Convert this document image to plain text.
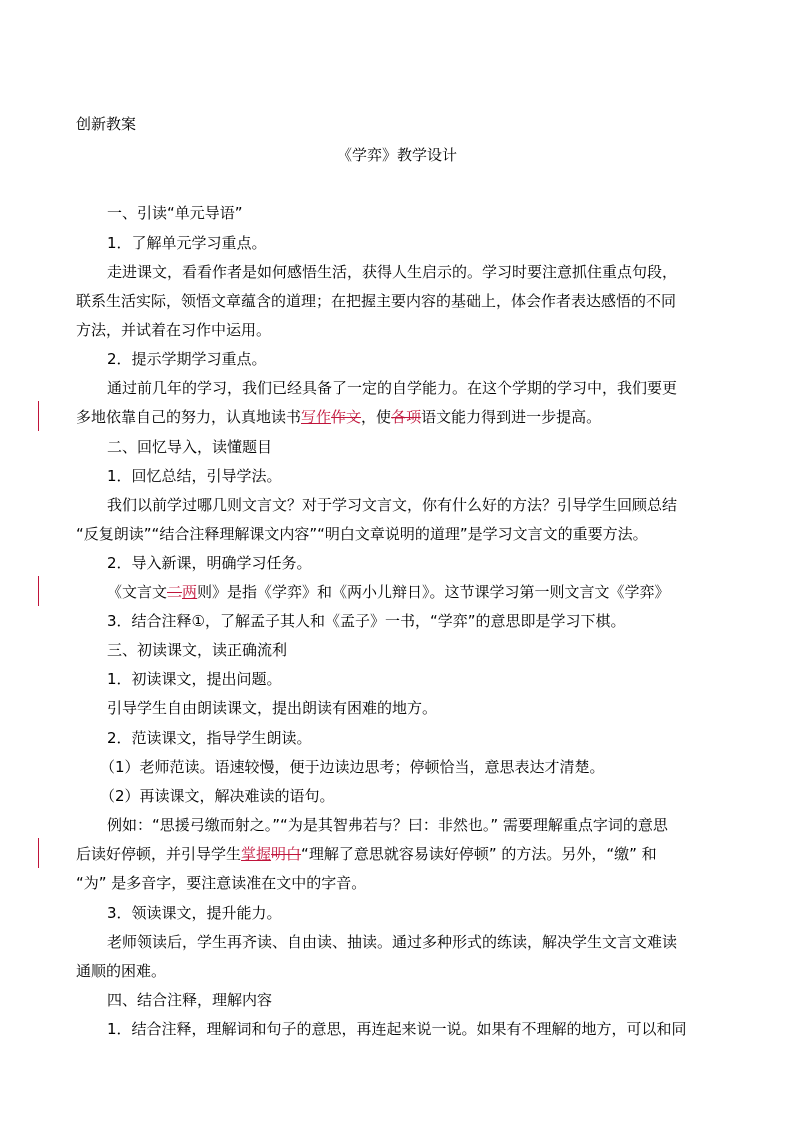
创新教案
《学弈》教学设计
一、引读“单元导语”
1．了解单元学习重点。
走进课文，看看作者是如何感悟生活，获得人生启示的。学习时要注意抓住重点句段，
联系生活实际，领悟文章蕴含的道理；在把握主要内容的基础上，体会作者表达感悟的不同
方法，并试着在习作中运用。
2．提示学期学习重点。
通过前几年的学习，我们已经具备了一定的自学能力。在这个学期的学习中，我们要更
多地依靠自己的努力，认真地读书写作作文，使各项语文能力得到进一步提高。
二、回忆导入，读懂题目
1．回忆总结，引导学法。
我们以前学过哪几则文言文？对于学习文言文，你有什么好的方法？引导学生回顾总结
“反复朗读”“结合注释理解课文内容”“明白文章说明的道理”是学习文言文的重要方法。
2．导入新课，明确学习任务。
《文言文二两则》是指《学弈》和《两小儿辩日》。这节课学习第一则文言文《学弈》
3．结合注释①，了解孟子其人和《孟子》一书，“学弈”的意思即是学习下棋。
三、初读课文，读正确流利
1．初读课文，提出问题。
引导学生自由朗读课文，提出朗读有困难的地方。
2．范读课文，指导学生朗读。
（1）老师范读。语速较慢，便于边读边思考；停顿恰当，意思表达才清楚。
（2）再读课文，解决难读的语句。
例如：“思援弓缴而射之。”“为是其智弗若与？曰：非然也。” 需要理解重点字词的意思
后读好停顿，并引导学生掌握明白“理解了意思就容易读好停顿” 的方法。另外，“缴” 和
“为” 是多音字，要注意读准在文中的字音。
3．领读课文，提升能力。
老师领读后，学生再齐读、自由读、抽读。通过多种形式的练读，解决学生文言文难读
通顺的困难。
四、结合注释，理解内容
1．结合注释，理解词和句子的意思，再连起来说一说。如果有不理解的地方，可以和同
